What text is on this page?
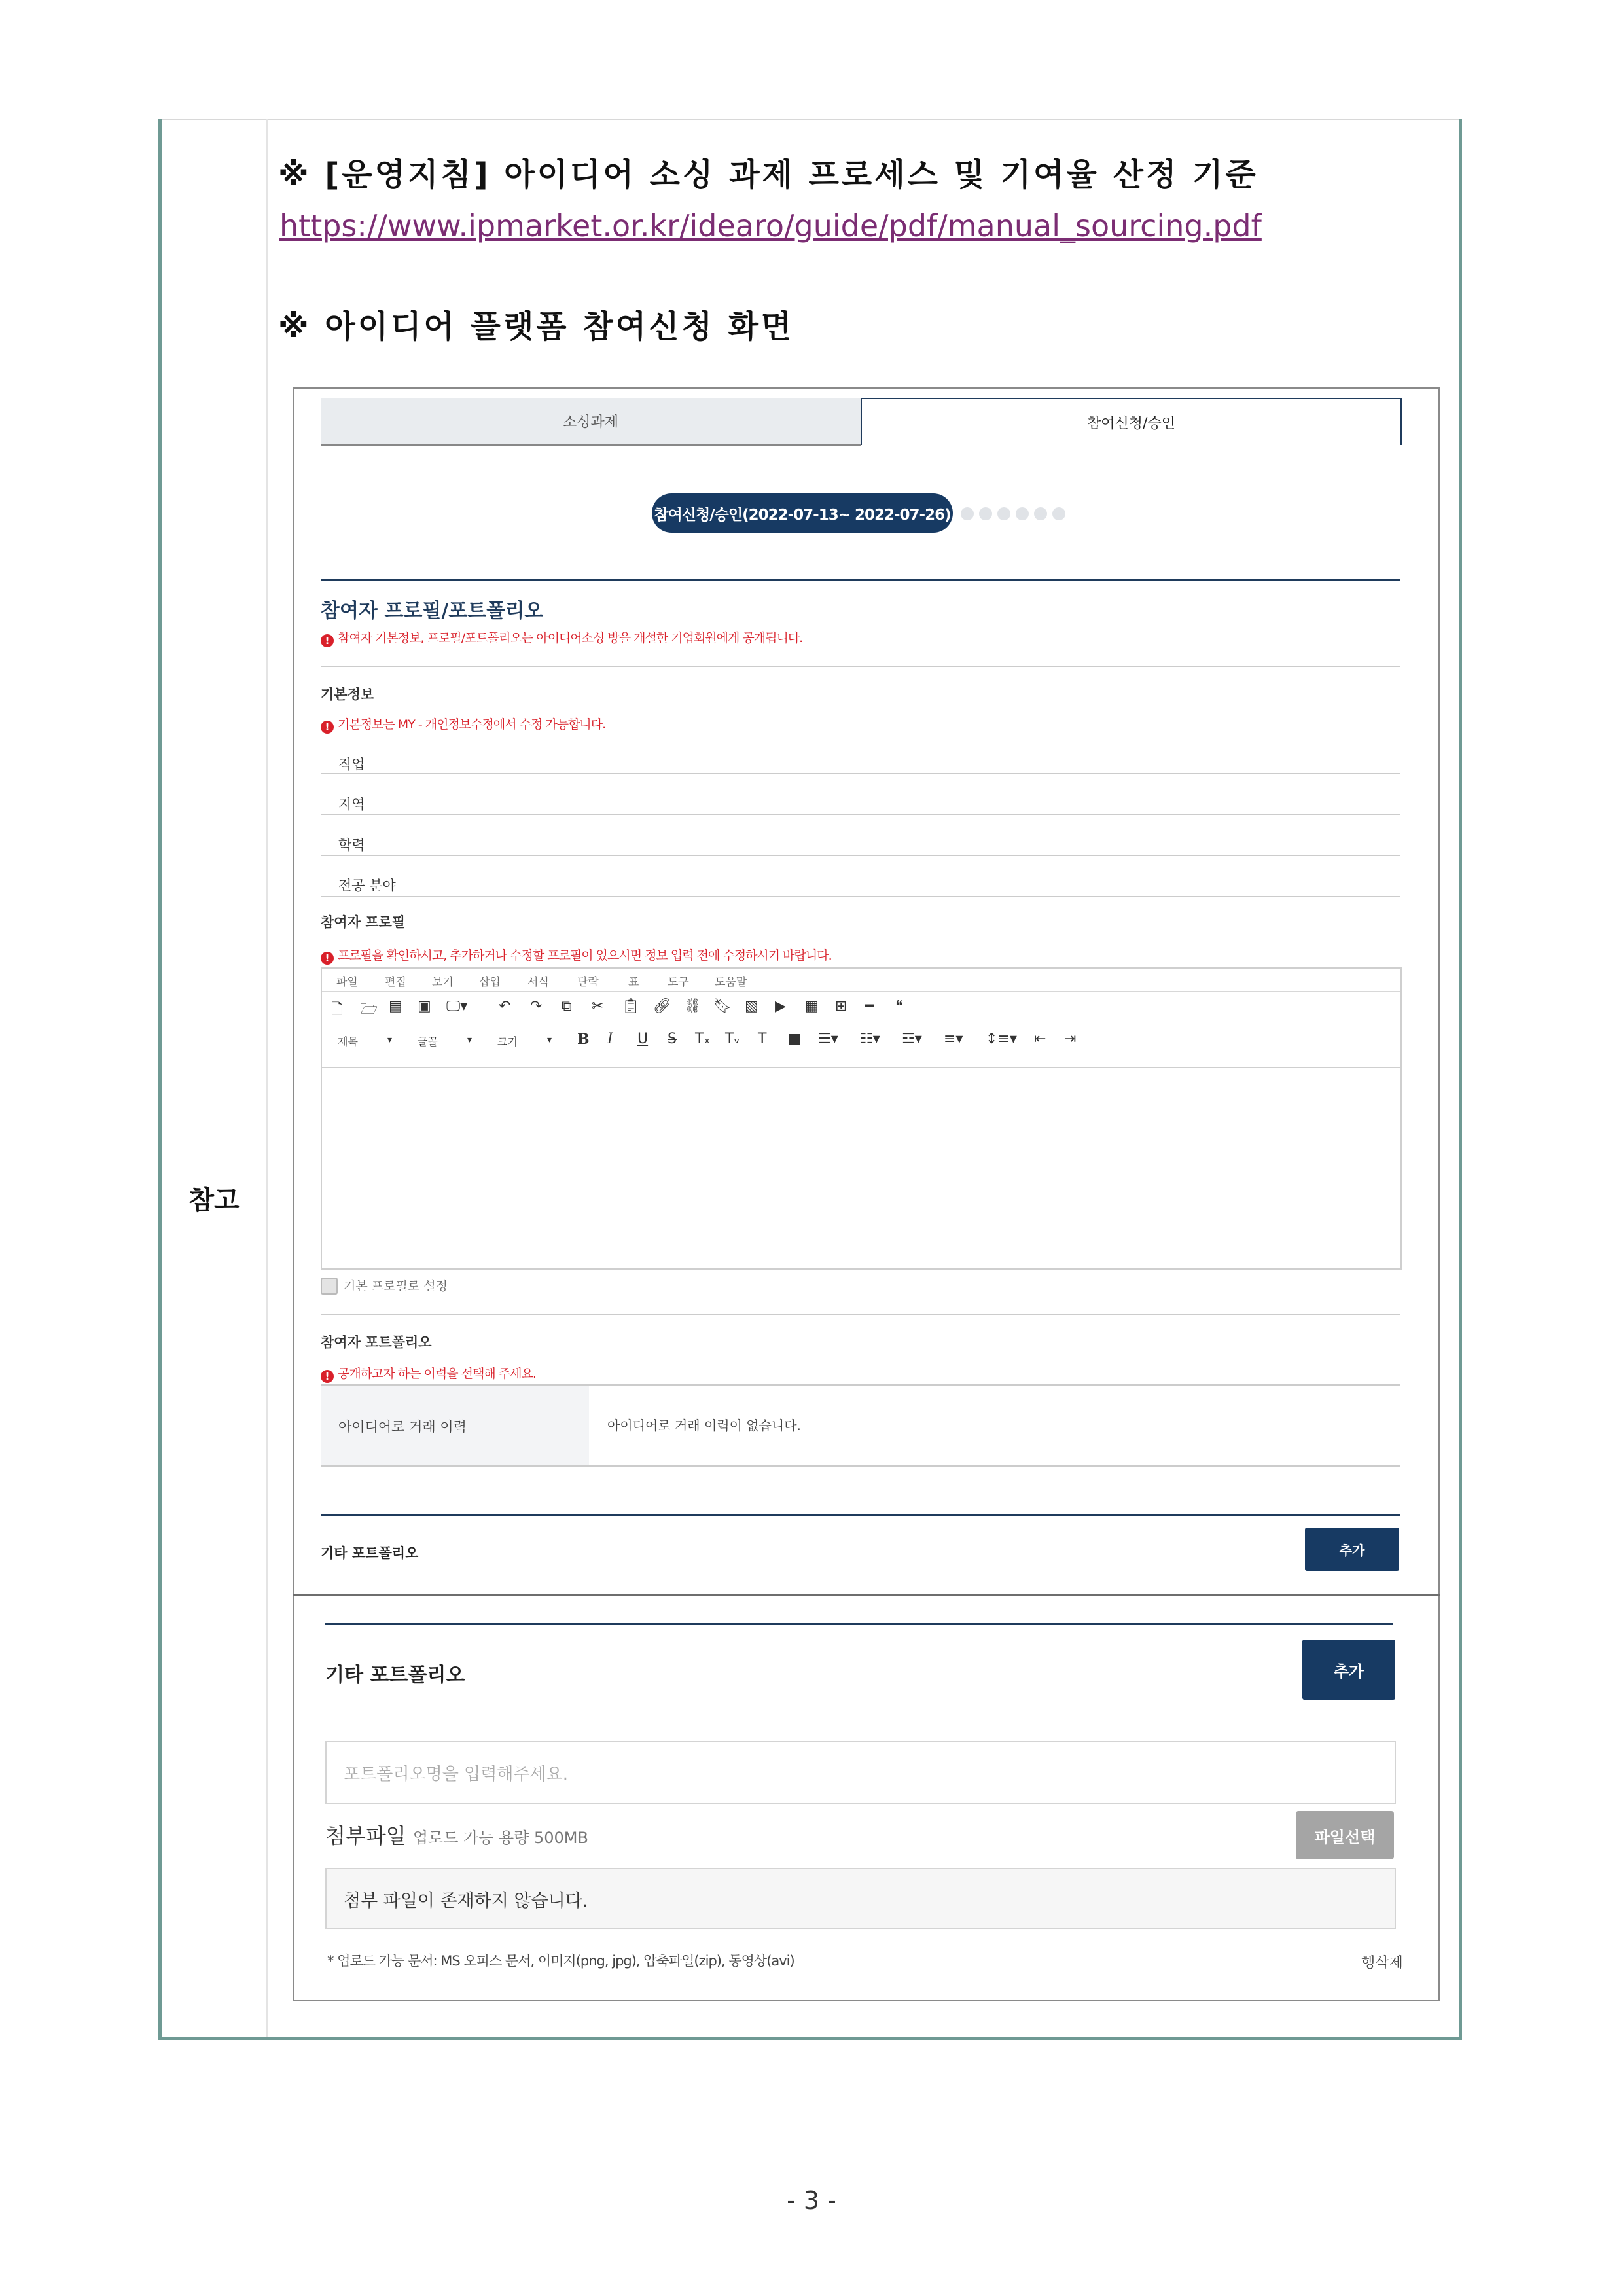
참고
※ [운영지침] 아이디어 소싱 과제 프로세스 및 기여율 산정 기준
https://www.ipmarket.or.kr/idearo/guide/pdf/manual_sourcing.pdf
※ 아이디어 플랫폼 참여신청 화면
소싱과제	참여신청/승인
참여신청/승인(2022-07-13~ 2022-07-26)
참여자 프로필/포트폴리오
! 참여자 기본정보, 프로필/포트폴리오는 아이디어소싱 방을 개설한 기업회원에게 공개됩니다.
기본정보
! 기본정보는 MY - 개인정보수정에서 수정 가능합니다.
직업
지역
학력
전공 분야
참여자 프로필
! 프로필을 확인하시고, 추가하거나 수정할 프로필이 있으시면 정보 입력 전에 수정하시기 바랍니다.
파일 편집 보기 삽입 서식	단락	표	도구 도움말
🗋 🗁 ▤ ▣ 🖵▾ ↶ ↷ ⧉ ✂ 📋︎ 🔗︎ ⛓ 🔖︎ ▧ ▶ ▦ ⊞ ━ ❝
제목	▾ 글꼴	▾ 크기	▾ B I U S Tₓ Tᵥ T ■ ☰▾ ☷▾ ☲▾ ≡▾ ↕≡▾ ⇤ ⇥
기본 프로필로 설정
참여자 포트폴리오
! 공개하고자 하는 이력을 선택해 주세요.
아이디어로 거래 이력	아이디어로 거래 이력이 없습니다.
기타 포트폴리오	추가
기타 포트폴리오	추가
포트폴리오명을 입력해주세요.
첨부파일 업로드 가능 용량 500MB	파일선택
첨부 파일이 존재하지 않습니다.
* 업로드 가능 문서: MS 오피스 문서, 이미지(png, jpg), 압축파일(zip), 동영상(avi)	행삭제
- 3 -
